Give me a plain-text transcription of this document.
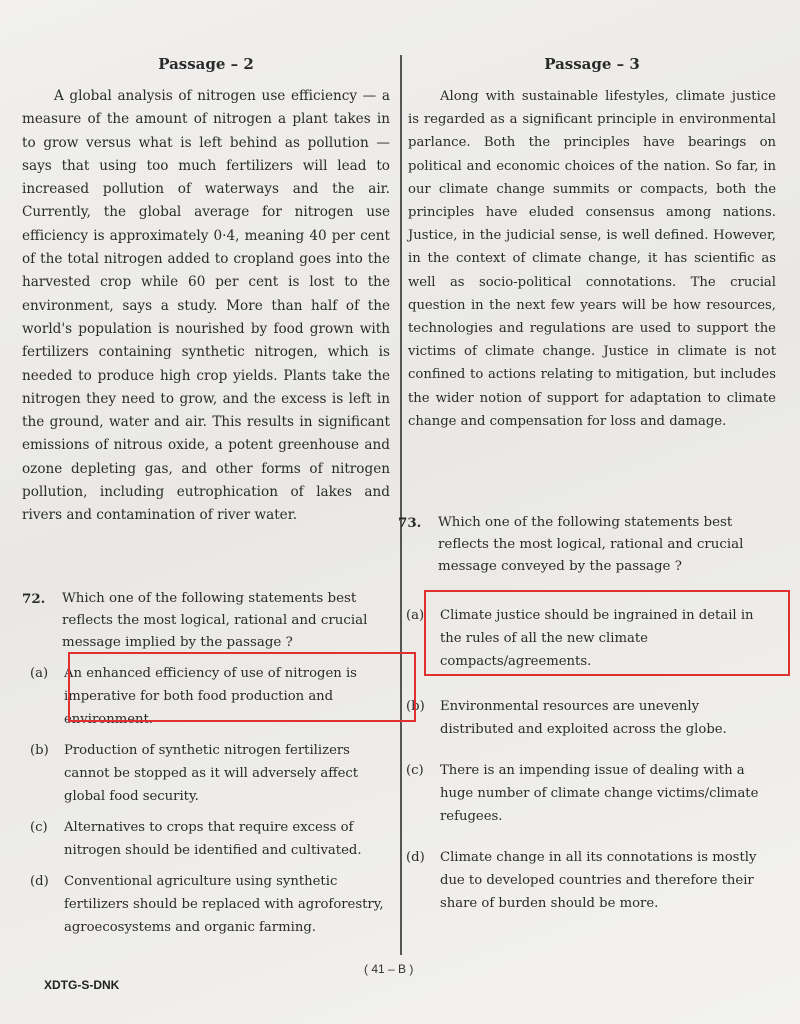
Passage – 2

A global analysis of nitrogen use efficiency — a measure of the amount of nitrogen a plant takes in to grow versus what is left behind as pollution — says that using too much fertilizers will lead to increased pollution of waterways and the air. Currently, the global average for nitrogen use efficiency is approximately 0·4, meaning 40 per cent of the total nitrogen added to cropland goes into the harvested crop while 60 per cent is lost to the environment, says a study. More than half of the world's population is nourished by food grown with fertilizers containing synthetic nitrogen, which is needed to produce high crop yields. Plants take the nitrogen they need to grow, and the excess is left in the ground, water and air. This results in significant emissions of nitrous oxide, a potent greenhouse and ozone depleting gas, and other forms of nitrogen pollution, including eutrophication of lakes and rivers and contamination of river water.

72.	Which one of the following statements best reflects the most logical, rational and crucial message implied by the passage ?
(a)	An enhanced efficiency of use of nitrogen is imperative for both food production and environment.
(b)	Production of synthetic nitrogen fertilizers cannot be stopped as it will adversely affect global food security.
(c)	Alternatives to crops that require excess of nitrogen should be identified and cultivated.
(d)	Conventional agriculture using synthetic fertilizers should be replaced with agroforestry, agroecosystems and organic farming.
Passage – 3

Along with sustainable lifestyles, climate justice is regarded as a significant principle in environmental parlance. Both the principles have bearings on political and economic choices of the nation. So far, in our climate change summits or compacts, both the principles have eluded consensus among nations. Justice, in the judicial sense, is well defined. However, in the context of climate change, it has scientific as well as socio-political connotations. The crucial question in the next few years will be how resources, technologies and regulations are used to support the victims of climate change. Justice in climate is not confined to actions relating to mitigation, but includes the wider notion of support for adaptation to climate change and compensation for loss and damage.

73.	Which one of the following statements best reflects the most logical, rational and crucial message conveyed by the passage ?
(a)	Climate justice should be ingrained in detail in the rules of all the new climate compacts/agreements.
(b)	Environmental resources are unevenly distributed and exploited across the globe.
(c)	There is an impending issue of dealing with a huge number of climate change victims/climate refugees.
(d)	Climate change in all its connotations is mostly due to developed countries and therefore their share of burden should be more.
( 41 – B )
XDTG-S-DNK
